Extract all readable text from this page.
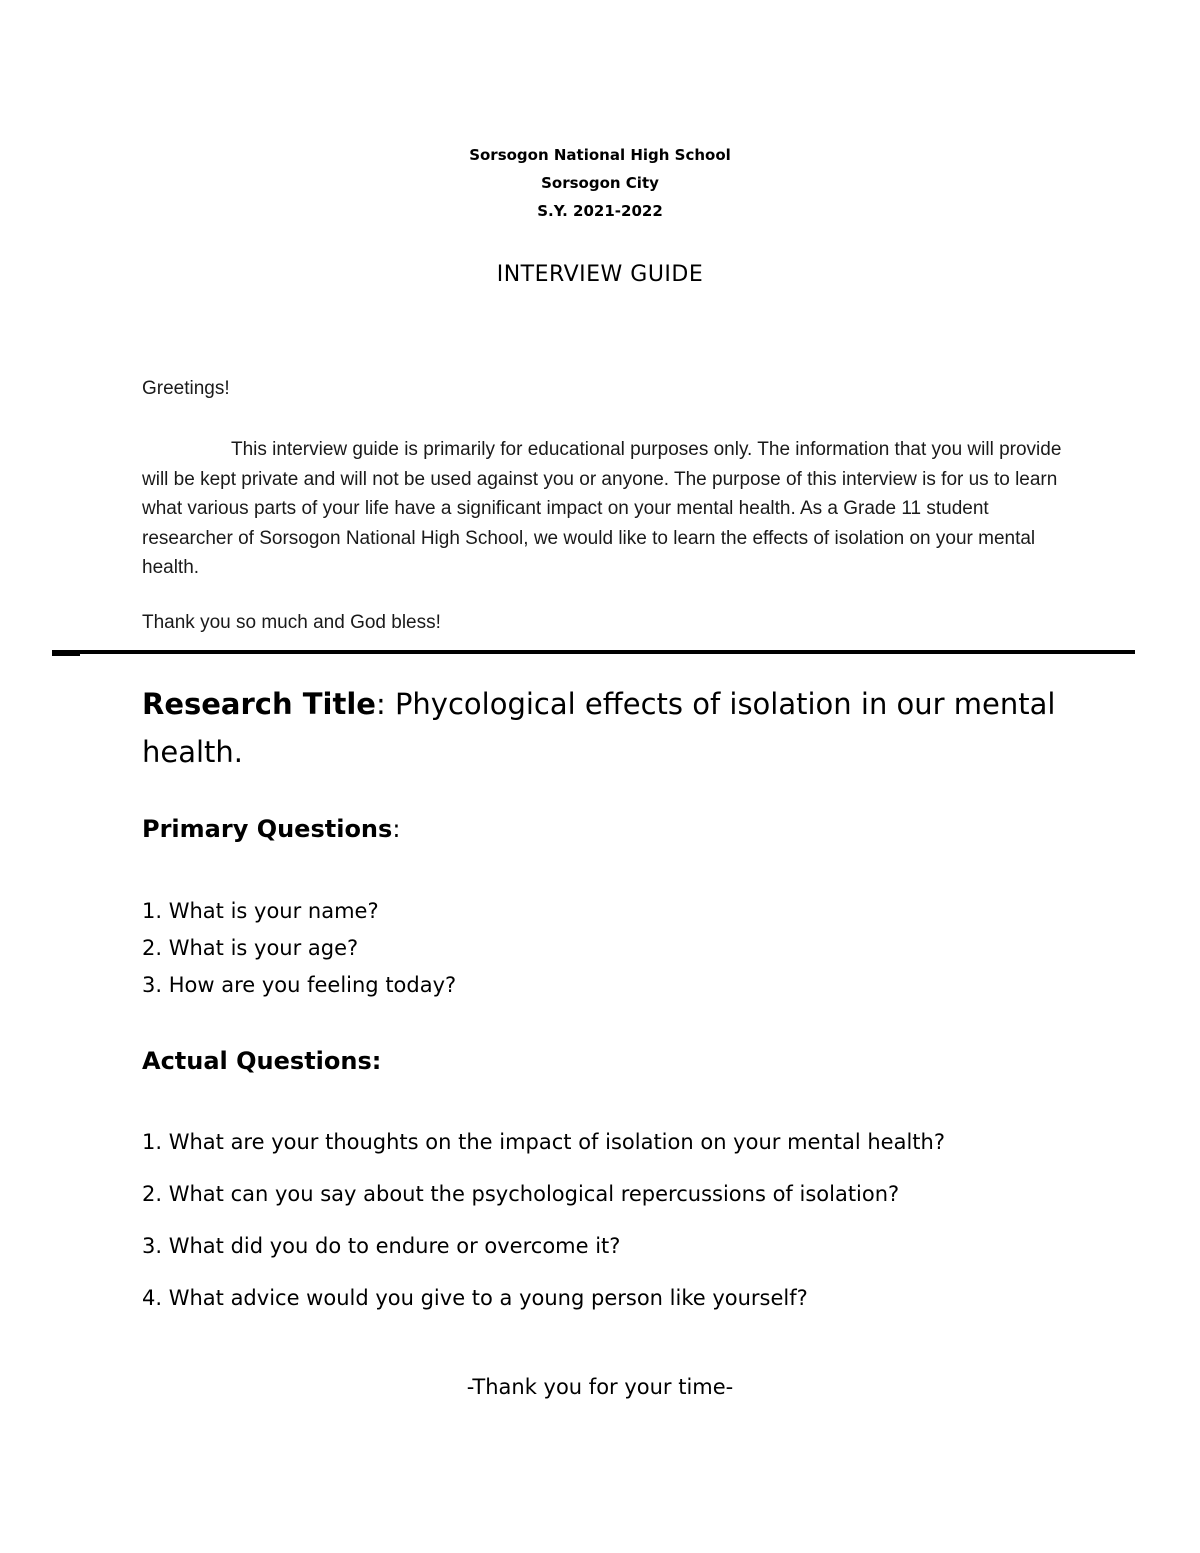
Sorsogon National High School
Sorsogon City
S.Y. 2021-2022
INTERVIEW GUIDE
Greetings!
This interview guide is primarily for educational purposes only. The information that you will provide will be kept private and will not be used against you or anyone. The purpose of this interview is for us to learn what various parts of your life have a significant impact on your mental health. As a Grade 11 student researcher of Sorsogon National High School, we would like to learn the effects of isolation on your mental health.
Thank you so much and God bless!
Research Title: Phycological effects of isolation in our mental health.
Primary Questions:
1. What is your name?
2. What is your age?
3. How are you feeling today?
Actual Questions:
1. What are your thoughts on the impact of isolation on your mental health?
2. What can you say about the psychological repercussions of isolation?
3. What did you do to endure or overcome it?
4. What advice would you give to a young person like yourself?
-Thank you for your time-
